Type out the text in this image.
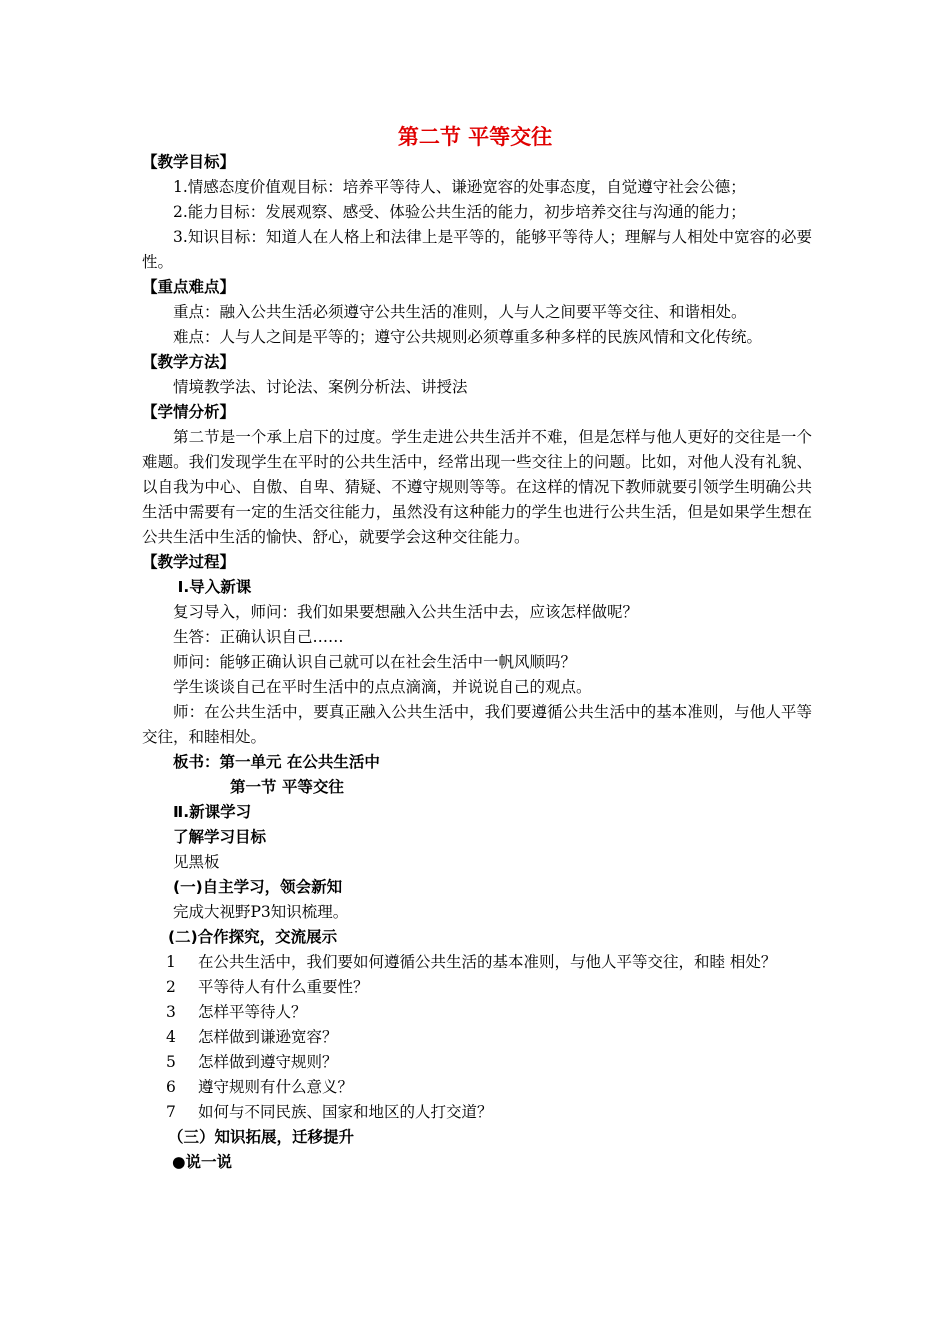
第二节 平等交往
【教学目标】
1.情感态度价值观目标：培养平等待人、谦逊宽容的处事态度，自觉遵守社会公德；
2.能力目标：发展观察、感受、体验公共生活的能力，初步培养交往与沟通的能力；
3.知识目标：知道人在人格上和法律上是平等的，能够平等待人；理解与人相处中宽容的必要性。
【重点难点】
重点：融入公共生活必须遵守公共生活的准则，人与人之间要平等交往、和谐相处。
难点：人与人之间是平等的；遵守公共规则必须尊重多种多样的民族风情和文化传统。
【教学方法】
情境教学法、讨论法、案例分析法、讲授法
【学情分析】
第二节是一个承上启下的过度。学生走进公共生活并不难，但是怎样与他人更好的交往是一个难题。我们发现学生在平时的公共生活中，经常出现一些交往上的问题。比如，对他人没有礼貌、以自我为中心、自傲、自卑、猜疑、不遵守规则等等。在这样的情况下教师就要引领学生明确公共生活中需要有一定的生活交往能力，虽然没有这种能力的学生也进行公共生活，但是如果学生想在公共生活中生活的愉快、舒心，就要学会这种交往能力。
【教学过程】
Ⅰ.导入新课
复习导入，师问：我们如果要想融入公共生活中去，应该怎样做呢？
生答：正确认识自己……
师问：能够正确认识自己就可以在社会生活中一帆风顺吗？
学生谈谈自己在平时生活中的点点滴滴，并说说自己的观点。
师：在公共生活中，要真正融入公共生活中，我们要遵循公共生活中的基本准则，与他人平等交往，和睦相处。
板书：第一单元 在公共生活中
第一节 平等交往
Ⅱ.新课学习
了解学习目标
见黑板
(一)自主学习，领会新知
完成大视野P3知识梳理。
(二)合作探究，交流展示
1	在公共生活中，我们要如何遵循公共生活的基本准则，与他人平等交往，和睦 相处？
2	平等待人有什么重要性？
3	怎样平等待人？
4	怎样做到谦逊宽容？
5	怎样做到遵守规则？
6	遵守规则有什么意义？
7	如何与不同民族、国家和地区的人打交道？
（三）知识拓展，迁移提升
●说一说
